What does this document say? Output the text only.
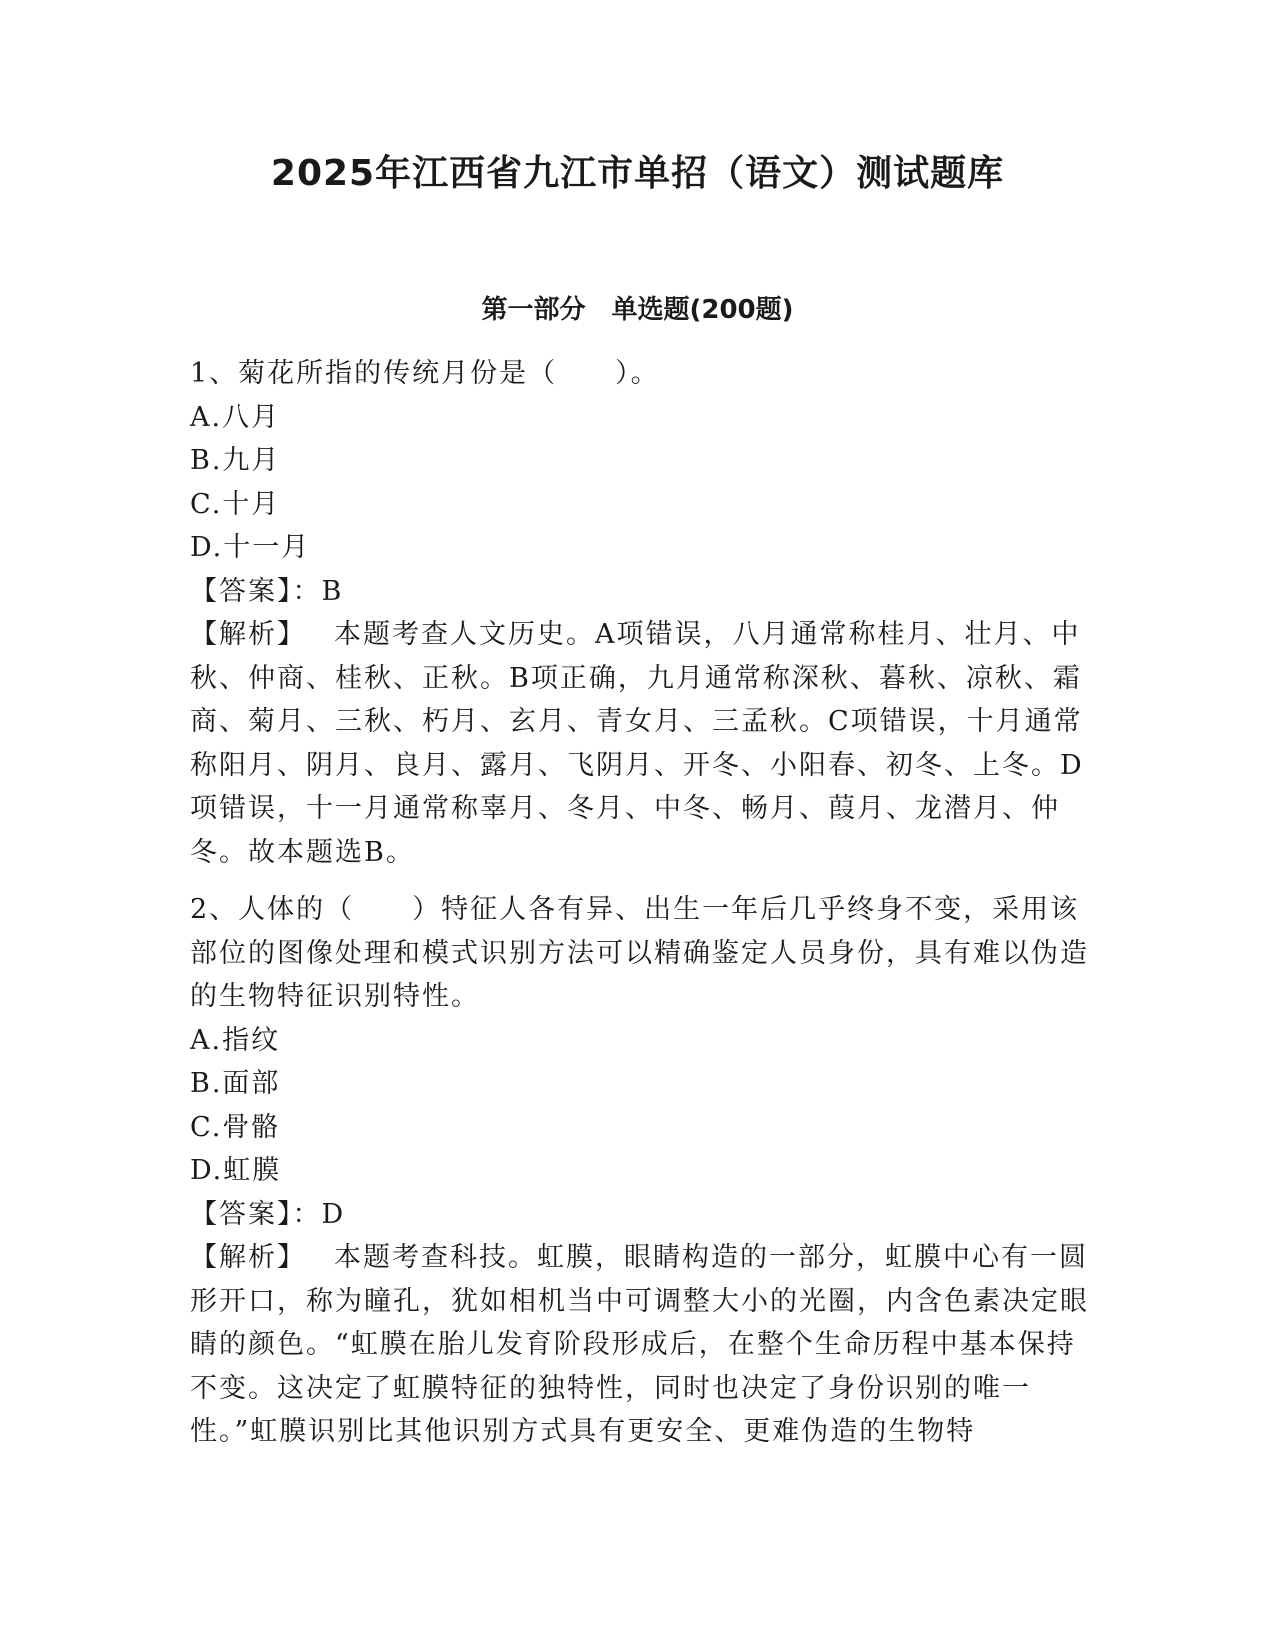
2025年江西省九江市单招（语文）测试题库
第一部分　单选题(200题)

1、菊花所指的传统月份是（　　）。

A.八月

B.九月

C.十月

D.十一月

【答案】：B

【解析】 本题考查人文历史。A项错误，八月通常称桂月、壮月、中秋、仲商、桂秋、正秋。B项正确，九月通常称深秋、暮秋、凉秋、霜商、菊月、三秋、朽月、玄月、青女月、三孟秋。C项错误，十月通常称阳月、阴月、良月、露月、飞阴月、开冬、小阳春、初冬、上冬。D项错误，十一月通常称辜月、冬月、中冬、畅月、葭月、龙潜月、仲冬。故本题选B。

2、人体的（　　）特征人各有异、出生一年后几乎终身不变，采用该部位的图像处理和模式识别方法可以精确鉴定人员身份，具有难以伪造的生物特征识别特性。

A.指纹

B.面部

C.骨骼

D.虹膜

【答案】：D

【解析】 本题考查科技。虹膜，眼睛构造的一部分，虹膜中心有一圆形开口，称为瞳孔，犹如相机当中可调整大小的光圈，内含色素决定眼睛的颜色。“虹膜在胎儿发育阶段形成后，在整个生命历程中基本保持不变。这决定了虹膜特征的独特性，同时也决定了身份识别的唯一性。”虹膜识别比其他识别方式具有更安全、更难伪造的生物特
